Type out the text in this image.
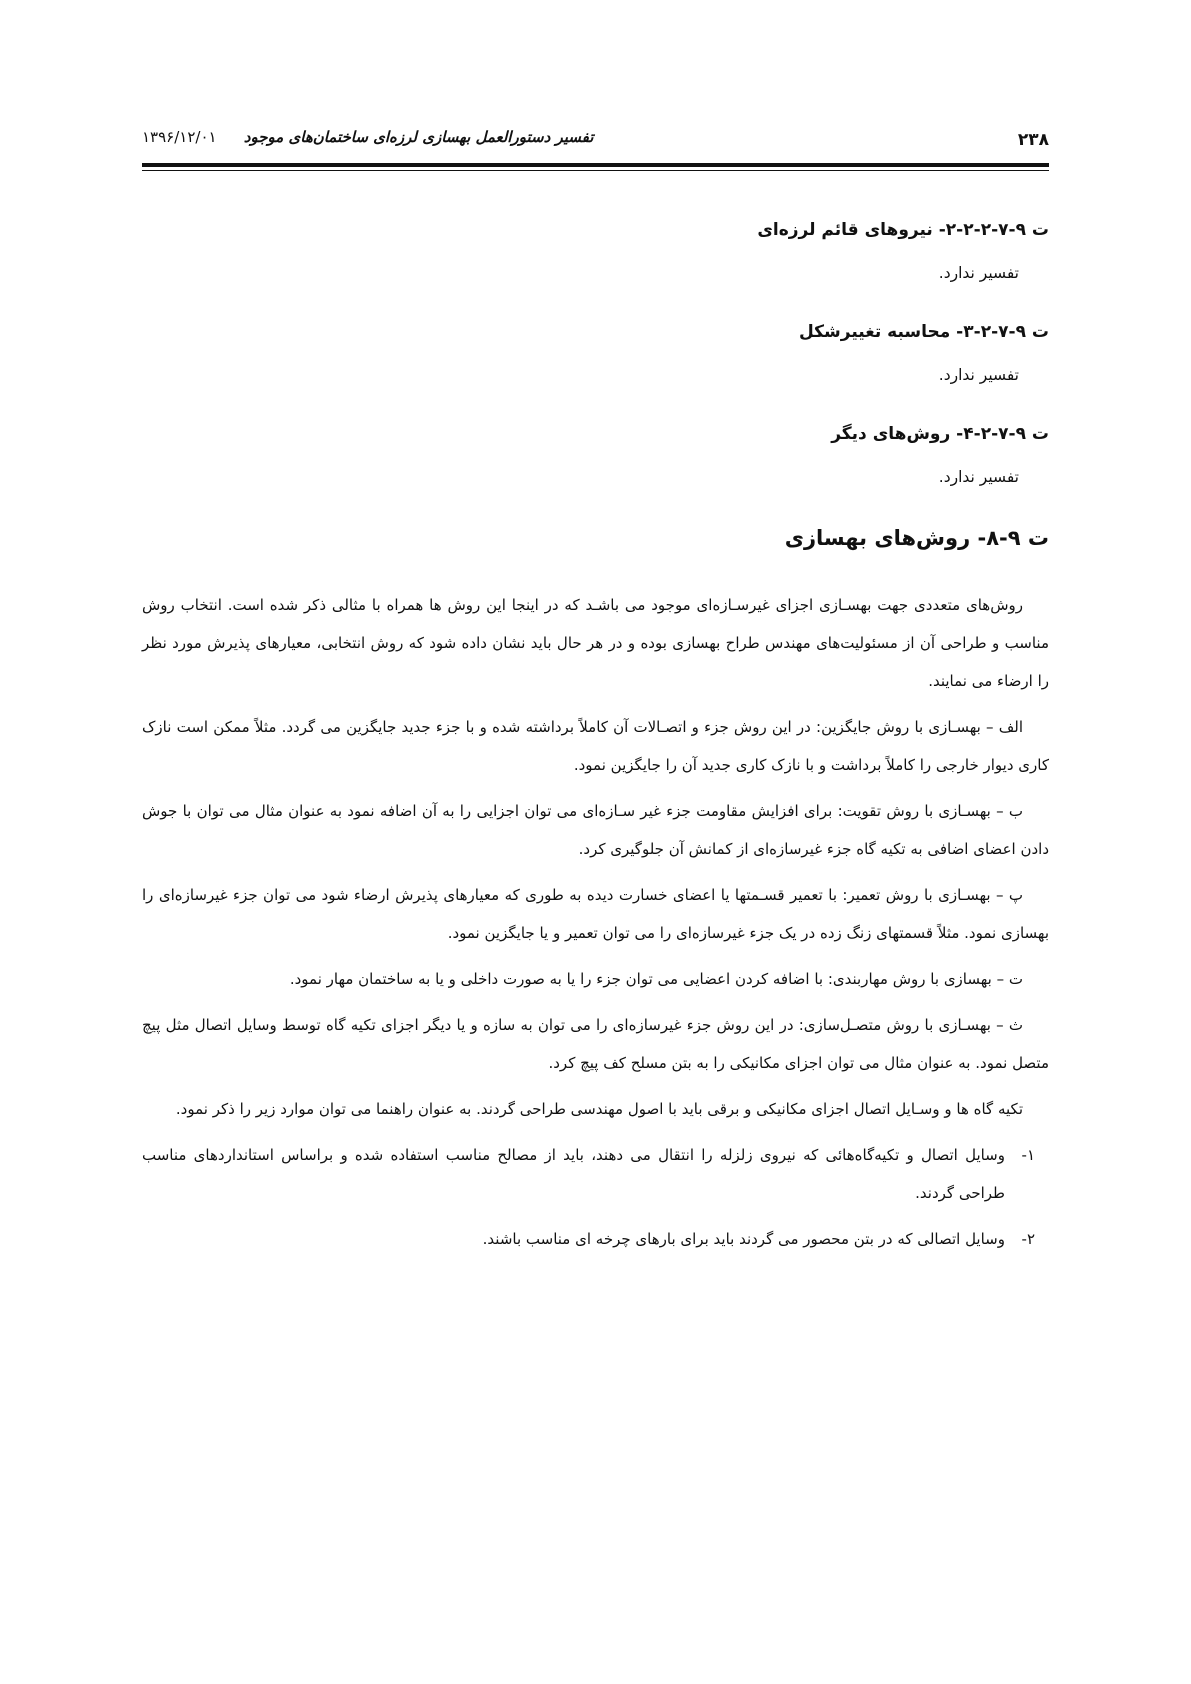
۲۳۸
تفسیر دستورالعمل بهسازی لرزه‌ای ساختمان‌های موجود ۱۳۹۶/۱۲/۰۱
ت ۹-۷-۲-۲-۲- نیروهای قائم لرزه‌ای
تفسیر ندارد.
ت ۹-۷-۲-۳- محاسبه تغییرشکل
تفسیر ندارد.
ت ۹-۷-۲-۴- روش‌های دیگر
تفسیر ندارد.
ت ۹-۸- روش‌های بهسازی

روش‌های متعددی جهت بهسـازی اجزای غیرسـازه‌ای موجود می باشـد که در اینجا این روش ها همراه با مثالی ذکر شده است. انتخاب روش مناسب و طراحی آن از مسئولیت‌های مهندس طراح بهسازی بوده و در هر حال باید نشان داده شود که روش انتخابی، معیارهای پذیرش مورد نظر را ارضاء می نمایند.

الف – بهسـازی با روش جایگزین: در این روش جزء و اتصـالات آن کاملاً برداشته شده و با جزء جدید جایگزین می گردد. مثلاً ممکن است نازک کاری دیوار خارجی را کاملاً برداشت و با نازک کاری جدید آن را جایگزین نمود.

ب – بهسـازی با روش تقویت: برای افزایش مقاومت جزء غیر سـازه‌ای می توان اجزایی را به آن اضافه نمود به عنوان مثال می توان با جوش دادن اعضای اضافی به تکیه گاه جزء غیرسازه‌ای از کمانش آن جلوگیری کرد.

پ – بهسـازی با روش تعمیر: با تعمیر قسـمتها یا اعضای خسارت دیده به طوری که معیارهای پذیرش ارضاء شود می توان جزء غیرسازه‌ای را بهسازی نمود. مثلاً قسمتهای زنگ زده در یک جزء غیرسازه‌ای را می توان تعمیر و یا جایگزین نمود.

ت – بهسازی با روش مهاربندی: با اضافه کردن اعضایی می توان جزء را یا به صورت داخلی و یا به ساختمان مهار نمود.

ث – بهسـازی با روش متصـل‌سازی: در این روش جزء غیرسازه‌ای را می توان به سازه و یا دیگر اجزای تکیه گاه توسط وسایل اتصال مثل پیچ متصل نمود. به عنوان مثال می توان اجزای مکانیکی را به بتن مسلح کف پیچ کرد.

تکیه گاه ها و وسـایل اتصال اجزای مکانیکی و برقی باید با اصول مهندسی طراحی گردند. به عنوان راهنما می توان موارد زیر را ذکر نمود.

۱-
وسایل اتصال و تکیه‌گاه‌هائی که نیروی زلزله را انتقال می دهند، باید از مصالح مناسب استفاده شده و براساس استانداردهای مناسب طراحی گردند.
۲-
وسایل اتصالی که در بتن محصور می گردند باید برای بارهای چرخه ای مناسب باشند.
